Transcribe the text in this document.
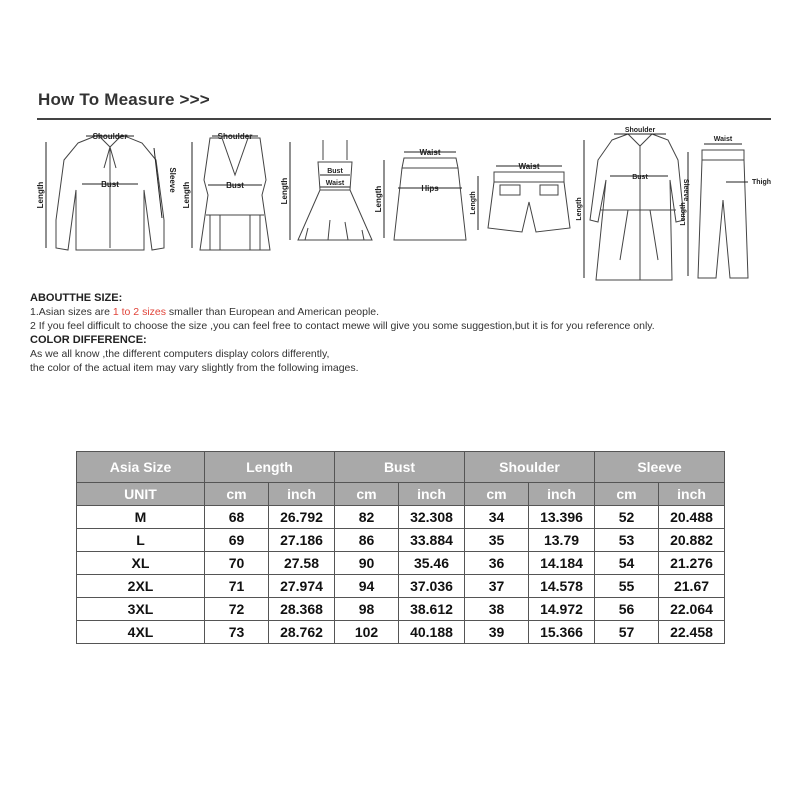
How To Measure >>>
Shoulder
Bust
Length
Sleeve
Shoulder
Bust
Length
Bust
Waist
Length
Waist
Hips
Length
Waist
Length
Shoulder
Bust
Length
Sleeve
Waist
Thigh
Length
ABOUTTHE SIZE:
1.Asian sizes are 1 to 2 sizes smaller than European and American people.
2 If you feel difficult to choose the size ,you can feel free to contact mewe will give you some suggestion,but it is for you reference only.
COLOR DIFFERENCE:
As we all know ,the different computers display colors differently,
the color of the actual item may vary slightly from the following images.
Asia Size	Length		Bust		Shoulder		Sleeve	
UNIT	cm	inch	cm	inch	cm	inch	cm	inch
M	68	26.792	82	32.308	34	13.396	52	20.488
L	69	27.186	86	33.884	35	13.79	53	20.882
XL	70	27.58	90	35.46	36	14.184	54	21.276
2XL	71	27.974	94	37.036	37	14.578	55	21.67
3XL	72	28.368	98	38.612	38	14.972	56	22.064
4XL	73	28.762	102	40.188	39	15.366	57	22.458
